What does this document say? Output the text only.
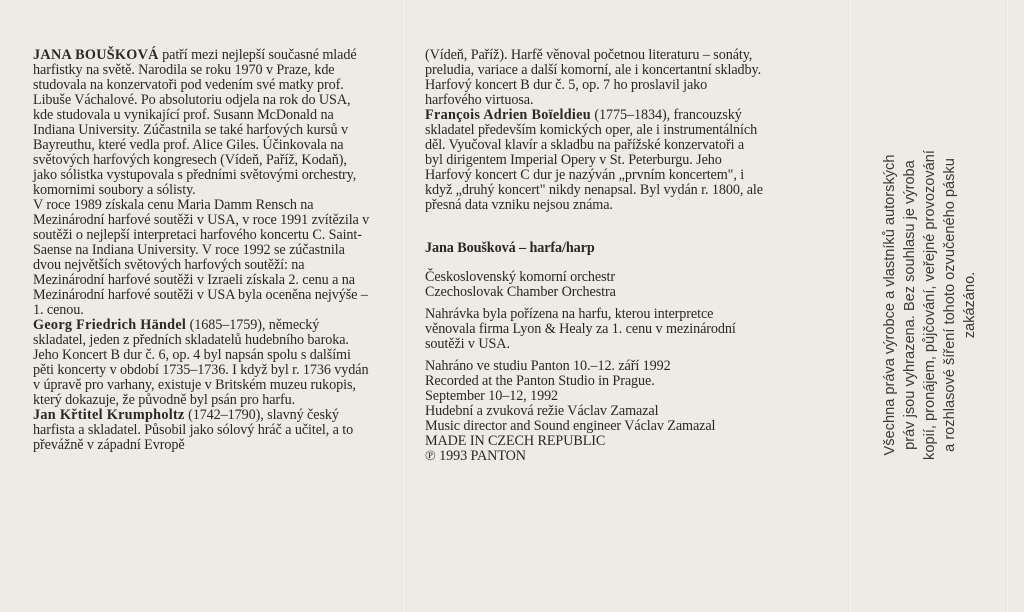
JANA BOUŠKOVÁ patří mezi nejlepší současné mladé harfistky na světě. Narodila se roku 1970 v Praze, kde studovala na konzervatoři pod vedením své matky prof. Libuše Váchalové. Po absolutoriu odjela na rok do USA, kde studovala u vynikající prof. Susann McDonald na Indiana University. Zúčastnila se také harfových kursů v Bayreuthu, které vedla prof. Alice Giles. Účinkovala na světových harfových kongresech (Vídeň, Paříž, Kodaň), jako sólistka vystupovala s předními světovými orchestry, komornimi soubory a sólisty.

V roce 1989 získala cenu Maria Damm Rensch na Mezinárodní harfové soutěži v USA, v roce 1991 zvítězila v soutěži o nejlepší interpretaci harfového koncertu C. Saint-Saense na Indiana University. V roce 1992 se zúčastnila dvou největších světových harfových soutěží: na Mezinárodní harfové soutěži v Izraeli získala 2. cenu a na Mezinárodní harfové soutěži v USA byla oceněna nejvýše – 1. cenou.

Georg Friedrich Händel (1685–1759), německý skladatel, jeden z předních skladatelů hudebního baroka. Jeho Koncert B dur č. 6, op. 4 byl napsán spolu s dalšími pěti koncerty v období 1735–1736. I když byl r. 1736 vydán v úpravě pro varhany, existuje v Britském muzeu rukopis, který dokazuje, že původně byl psán pro harfu.

Jan Křtitel Krumpholtz (1742–1790), slavný český harfista a skladatel. Působil jako sólový hráč a učitel, a to převážně v západní Evropě

(Vídeň, Paříž). Harfě věnoval početnou literaturu – sonáty, preludia, variace a další komorní, ale i koncertantní skladby. Harfový koncert B dur č. 5, op. 7 ho proslavil jako harfového virtuosa.

François Adrien Boïeldieu (1775–1834), francouzský skladatel především komických oper, ale i instrumentálních děl. Vyučoval klavír a skladbu na pařížské konzervatoři a byl dirigentem Imperial Opery v St. Peterburgu. Jeho Harfový koncert C dur je nazýván „prvním koncertem", i když „druhý koncert" nikdy nenapsal. Byl vydán r. 1800, ale přesná data vzniku nejsou známa.

Jana Boušková – harfa/harp

Československý komorní orchestr

Czechoslovak Chamber Orchestra

Nahrávka byla pořízena na harfu, kterou interpretce věnovala firma Lyon & Healy za 1. cenu v mezinárodní soutěži v USA.

Nahráno ve studiu Panton 10.–12. září 1992

Recorded at the Panton Studio in Prague.

September 10–12, 1992

Hudební a zvuková režie Václav Zamazal

Music director and Sound engineer Václav Zamazal

MADE IN CZECH REPUBLIC

℗ 1993 PANTON

Všechna práva výrobce a vlastníků autorských práv jsou vyhrazena. Bez souhlasu je výroba kopií, pronájem, půjčování, veřejné provozování a rozhlasové šíření tohoto ozvučeného pásku zakázáno.
